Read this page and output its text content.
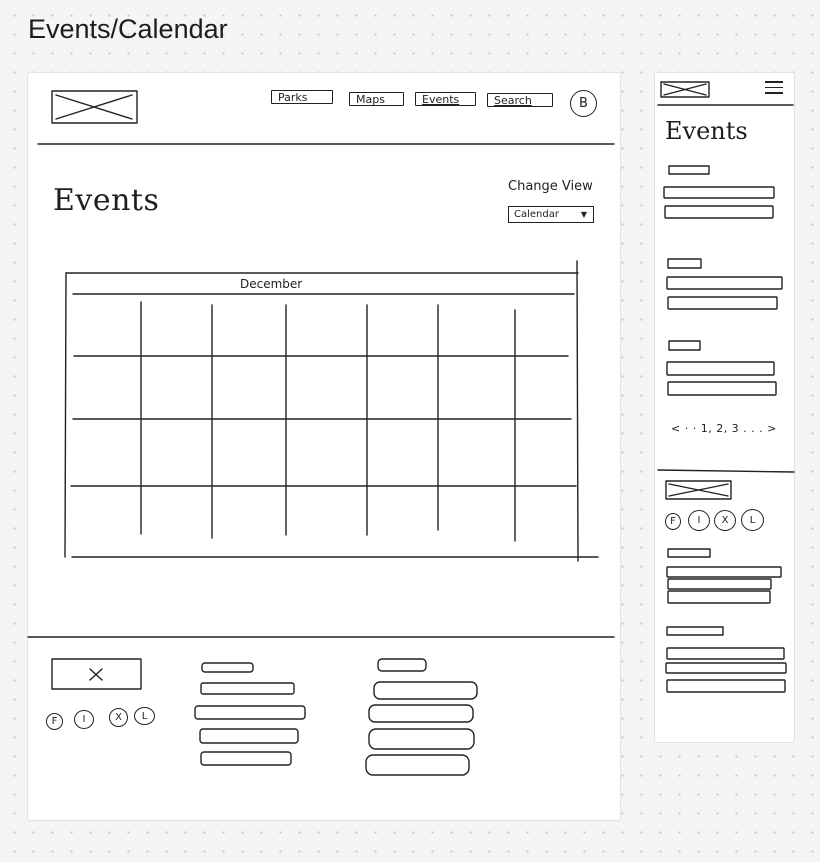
Events/Calendar
Parks	Maps	Events	Search	B
Events	Change View
Calendar	▼
December
F	I	X	L
Events
< · · 1, 2, 3 . . . >
F	I	X	L
